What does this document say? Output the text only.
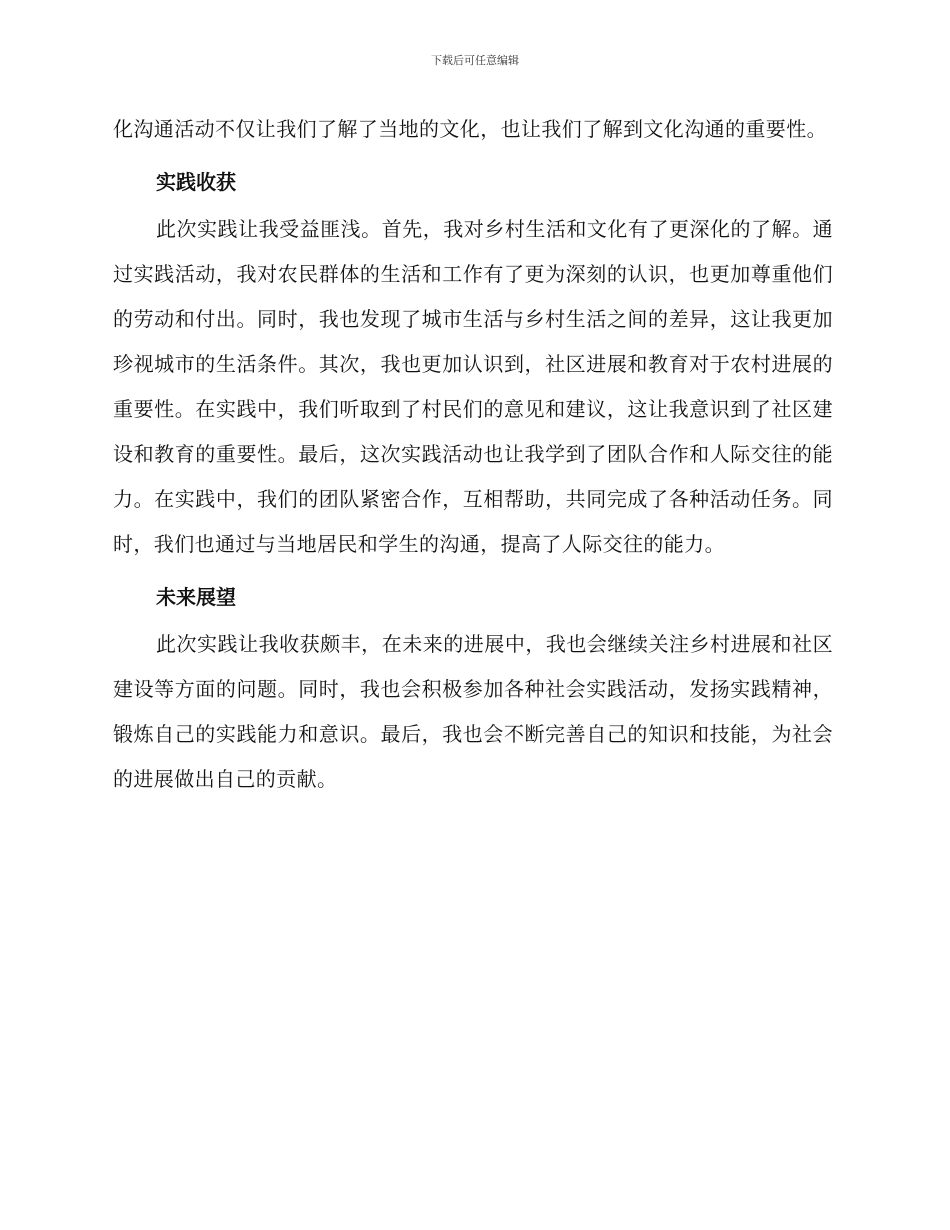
下载后可任意编辑

化沟通活动不仅让我们了解了当地的文化，也让我们了解到文化沟通的重要性。

实践收获

此次实践让我受益匪浅。首先，我对乡村生活和文化有了更深化的了解。通过实践活动，我对农民群体的生活和工作有了更为深刻的认识，也更加尊重他们的劳动和付出。同时，我也发现了城市生活与乡村生活之间的差异，这让我更加珍视城市的生活条件。其次，我也更加认识到，社区进展和教育对于农村进展的重要性。在实践中，我们听取到了村民们的意见和建议，这让我意识到了社区建设和教育的重要性。最后，这次实践活动也让我学到了团队合作和人际交往的能力。在实践中，我们的团队紧密合作，互相帮助，共同完成了各种活动任务。同时，我们也通过与当地居民和学生的沟通，提高了人际交往的能力。

未来展望

此次实践让我收获颇丰，在未来的进展中，我也会继续关注乡村进展和社区建设等方面的问题。同时，我也会积极参加各种社会实践活动，发扬实践精神，锻炼自己的实践能力和意识。最后，我也会不断完善自己的知识和技能，为社会的进展做出自己的贡献。
